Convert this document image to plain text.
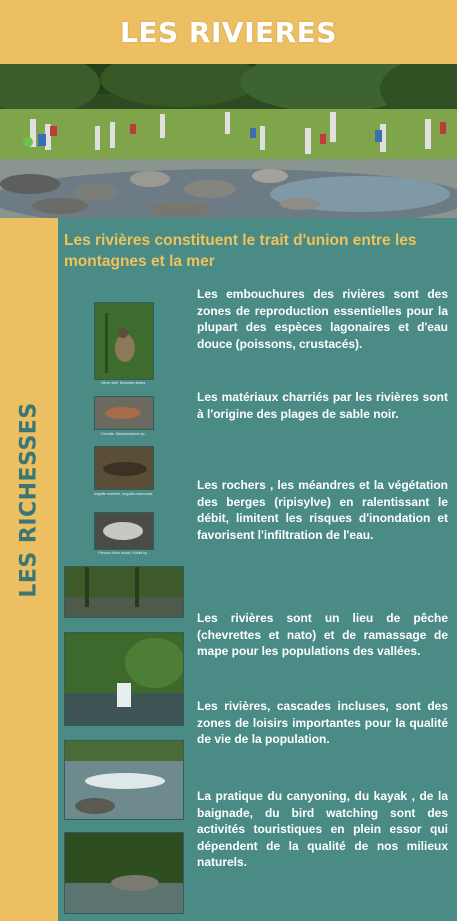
LES RIVIERES
LES RICHESSES
Les rivières constituent le trait d'union entre les montagnes et la mer
Héron strié, Butorides striata
Crevette, Macrobrachium sp.
Anguille marbrée, Anguilla marmorata
Poisson d'eau douce, Kuhlia sp.

Les embouchures des rivières sont des zones de reproduction essentielles pour la plupart des espèces lagonaires et d'eau douce (poissons, crustacés).

Les matériaux charriés par les rivières sont à l'origine des plages de sable noir.

Les rochers , les méandres et la végétation des berges (ripisylve) en ralentissant le débit, limitent les risques d'inondation et favorisent l'infiltration de l'eau.

Les rivières sont un lieu de pêche (chevrettes et nato) et de ramassage de mape pour les populations des vallées.

Les rivières, cascades incluses, sont des zones de loisirs importantes pour la qualité de vie de la population.

La pratique du canyoning, du kayak , de la baignade, du bird watching sont des activités touristiques en plein essor qui dépendent de la qualité de nos milieux naturels.
